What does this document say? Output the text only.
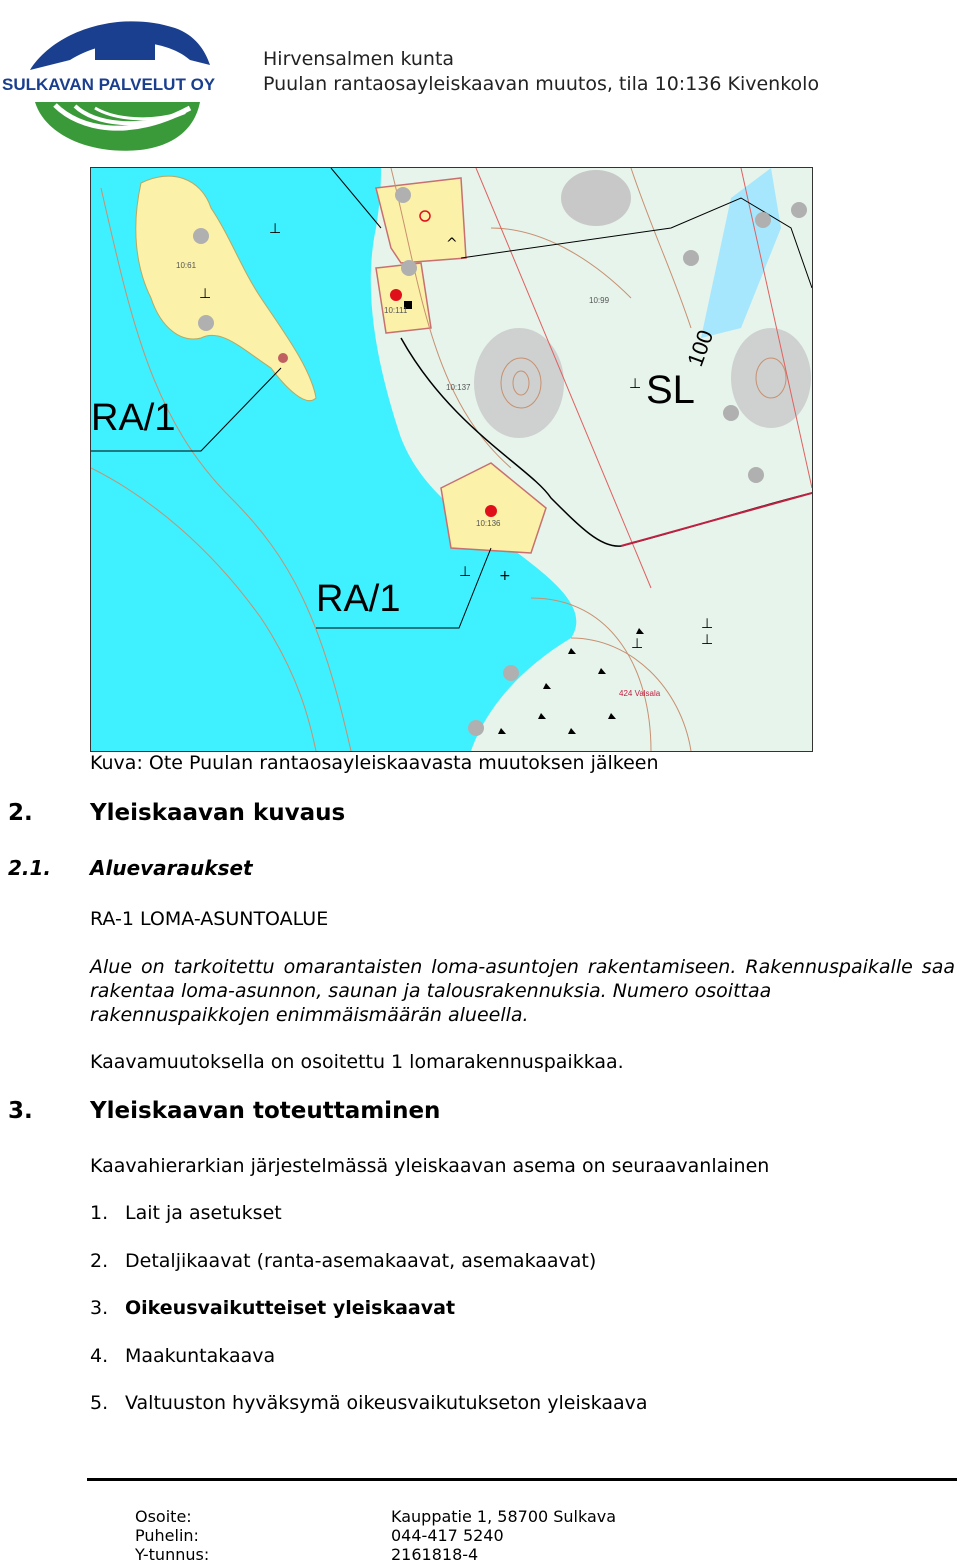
SULKAVAN PALVELUT OY
Hirvensalmen kunta
Puulan rantaosayleiskaavan muutos, tila 10:136 Kivenkolo
RA/1
RA/1
SL
100
10:61
10:111
10:99
10:137
10:136
424 Valsala
⊥
⊥
⊥
⊥ +
⊥
⊥
⊥
^
Kuva: Ote Puulan rantaosayleiskaavasta muutoksen jälkeen
2. Yleiskaavan kuvaus
2.1. Aluevaraukset
RA-1 LOMA-ASUNTOALUE
Alue on tarkoitettu omarantaisten loma-asuntojen rakentamiseen. Rakennuspaikalle saa rakentaa loma-asunnon, saunan ja talousrakennuksia. Numero osoittaa
rakennuspaikkojen enimmäismäärän alueella.
Kaavamuutoksella on osoitettu 1 lomarakennuspaikkaa.
3. Yleiskaavan toteuttaminen
Kaavahierarkian järjestelmässä yleiskaavan asema on seuraavanlainen
1. Lait ja asetukset
2. Detaljikaavat (ranta-asemakaavat, asemakaavat)
3. Oikeusvaikutteiset yleiskaavat
4. Maakuntakaava
5. Valtuuston hyväksymä oikeusvaikutukseton yleiskaava
Osoite:	Kauppatie 1, 58700 Sulkava
Puhelin:	044-417 5240
Y-tunnus:	2161818-4
